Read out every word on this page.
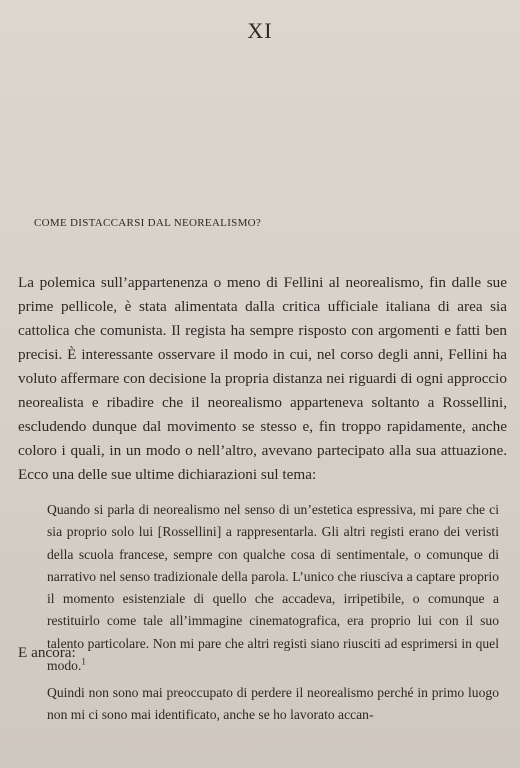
XI
COME DISTACCARSI DAL NEOREALISMO?

La polemica sull’appartenenza o meno di Fellini al neorealismo, fin dalle sue prime pellicole, è stata alimentata dalla critica ufficiale italiana di area sia cattolica che comunista. Il regista ha sempre risposto con argomenti e fatti ben precisi. È interessante osservare il modo in cui, nel corso degli anni, Fellini ha voluto affermare con decisione la propria distanza nei riguardi di ogni approccio neorealista e ribadire che il neorealismo apparteneva soltanto a Rossellini, escludendo dunque dal movimento se stesso e, fin troppo rapidamente, anche coloro i quali, in un modo o nell’altro, avevano partecipato alla sua attuazione. Ecco una delle sue ultime dichiarazioni sul tema:

Quando si parla di neorealismo nel senso di un’estetica espressiva, mi pare che ci sia proprio solo lui [Rossellini] a rappresentarla. Gli altri registi erano dei veristi della scuola francese, sempre con qualche cosa di sentimentale, o comunque di narrativo nel senso tradizionale della parola. L’unico che riusciva a captare proprio il momento esistenziale di quello che accadeva, irripetibile, o comunque a restituirlo come tale all’immagine cinematografica, era proprio lui con il suo talento particolare. Non mi pare che altri registi siano riusciti ad esprimersi in quel modo.$^1$

E ancora:

Quindi non sono mai preoccupato di perdere il neorealismo perché in primo luogo non mi ci sono mai identificato, anche se ho lavorato accan-
